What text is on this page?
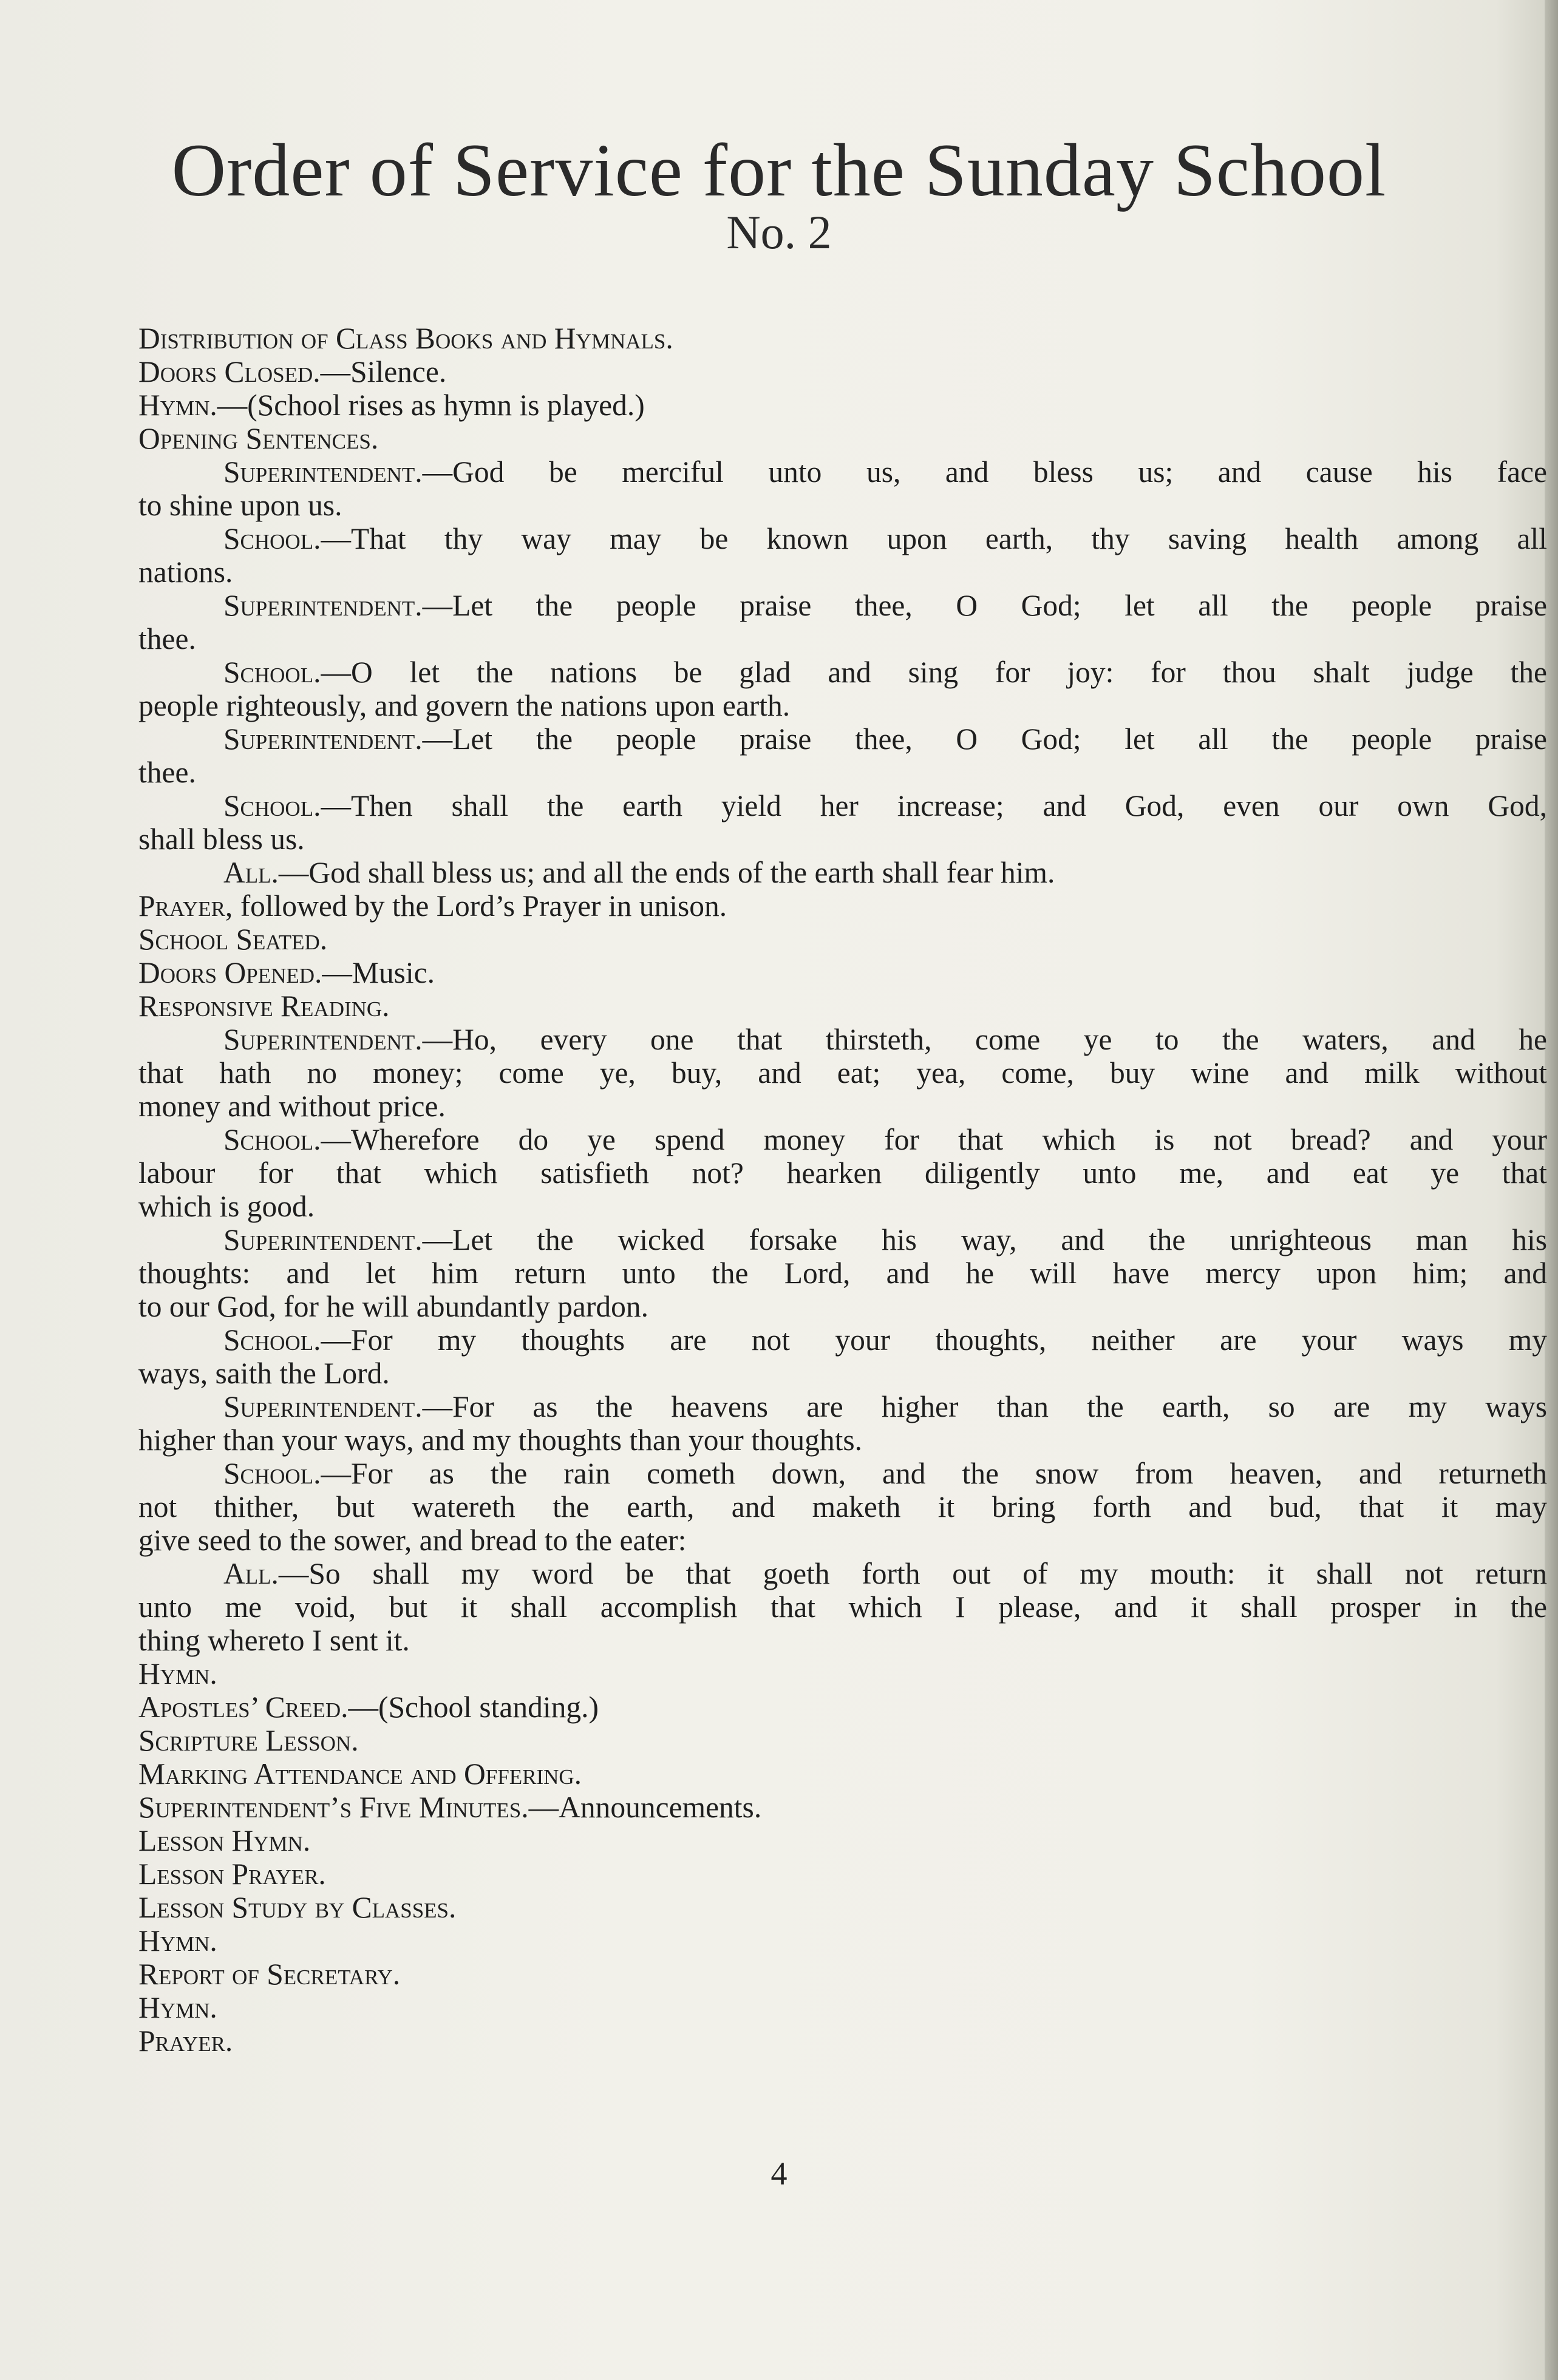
Order of Service for the Sunday School
No. 2
Distribution of Class Books and Hymnals.
Doors Closed.—Silence.
Hymn.—(School rises as hymn is played.)
Opening Sentences.
Superintendent.—God be merciful unto us, and bless us; and cause his face
to shine upon us.
School.—That thy way may be known upon earth, thy saving health among all
nations.
Superintendent.—Let the people praise thee, O God; let all the people praise
thee.
School.—O let the nations be glad and sing for joy: for thou shalt judge the
people righteously, and govern the nations upon earth.
Superintendent.—Let the people praise thee, O God; let all the people praise
thee.
School.—Then shall the earth yield her increase; and God, even our own God,
shall bless us.
All.—God shall bless us; and all the ends of the earth shall fear him.
Prayer, followed by the Lord’s Prayer in unison.
School Seated.
Doors Opened.—Music.
Responsive Reading.
Superintendent.—Ho, every one that thirsteth, come ye to the waters, and he
that hath no money; come ye, buy, and eat; yea, come, buy wine and milk without
money and without price.
School.—Wherefore do ye spend money for that which is not bread? and your
labour for that which satisfieth not? hearken diligently unto me, and eat ye that
which is good.
Superintendent.—Let the wicked forsake his way, and the unrighteous man his
thoughts: and let him return unto the Lord, and he will have mercy upon him; and
to our God, for he will abundantly pardon.
School.—For my thoughts are not your thoughts, neither are your ways my
ways, saith the Lord.
Superintendent.—For as the heavens are higher than the earth, so are my ways
higher than your ways, and my thoughts than your thoughts.
School.—For as the rain cometh down, and the snow from heaven, and returneth
not thither, but watereth the earth, and maketh it bring forth and bud, that it may
give seed to the sower, and bread to the eater:
All.—So shall my word be that goeth forth out of my mouth: it shall not return
unto me void, but it shall accomplish that which I please, and it shall prosper in the
thing whereto I sent it.
Hymn.
Apostles’ Creed.—(School standing.)
Scripture Lesson.
Marking Attendance and Offering.
Superintendent’s Five Minutes.—Announcements.
Lesson Hymn.
Lesson Prayer.
Lesson Study by Classes.
Hymn.
Report of Secretary.
Hymn.
Prayer.
4
